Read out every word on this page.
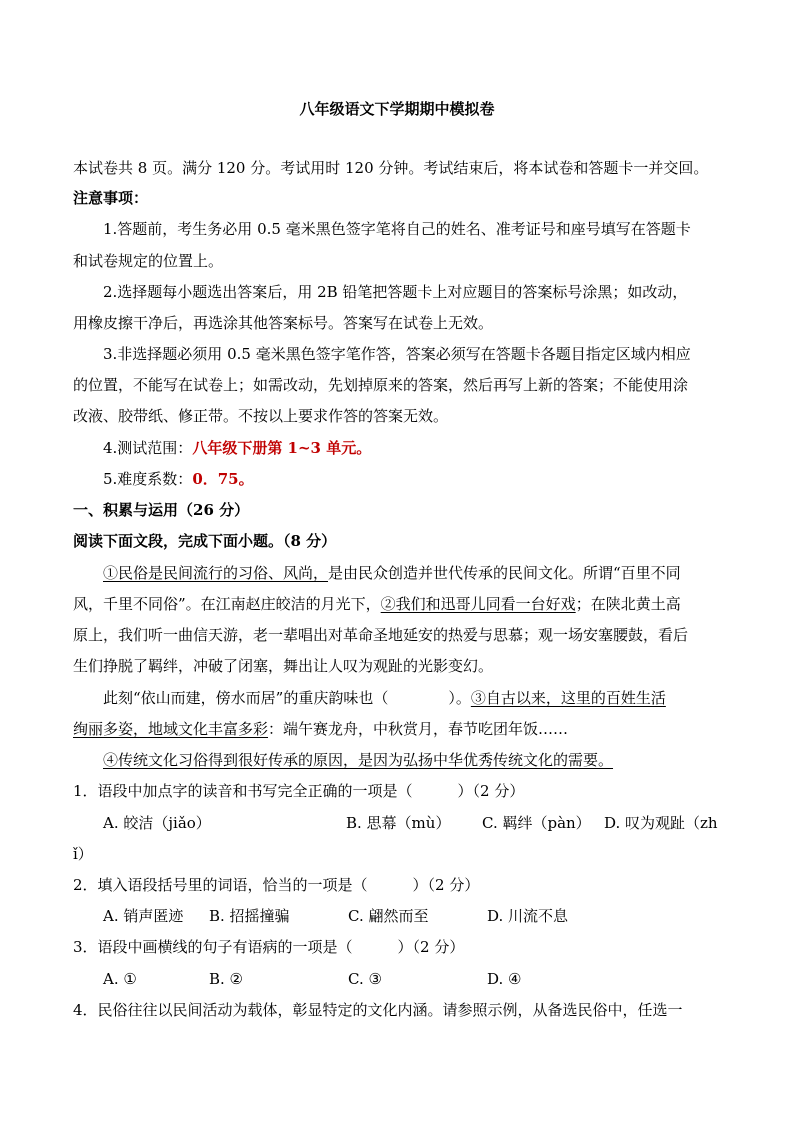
八年级语文下学期期中模拟卷
本试卷共 8 页。满分 120 分。考试用时 120 分钟。考试结束后，将本试卷和答题卡一并交回。
注意事项：
1.答题前，考生务必用 0.5 毫米黑色签字笔将自己的姓名、准考证号和座号填写在答题卡
和试卷规定的位置上。
2.选择题每小题选出答案后，用 2B 铅笔把答题卡上对应题目的答案标号涂黑；如改动，
用橡皮擦干净后，再选涂其他答案标号。答案写在试卷上无效。
3.非选择题必须用 0.5 毫米黑色签字笔作答，答案必须写在答题卡各题目指定区域内相应
的位置，不能写在试卷上；如需改动，先划掉原来的答案，然后再写上新的答案；不能使用涂
改液、胶带纸、修正带。不按以上要求作答的答案无效。
4.测试范围：八年级下册第 1~3 单元。
5.难度系数：0．75。
一、积累与运用（26 分）
阅读下面文段，完成下面小题。（8 分）
①民俗是民间流行的习俗、风尚，是由民众创造并世代传承的民间文化。所谓“百里不同
风，千里不同俗”。在江南赵庄皎洁的月光下，②我们和迅哥儿同看一台好戏；在陕北黄土高
原上，我们听一曲信天游，老一辈唱出对革命圣地延安的热爱与思慕；观一场安塞腰鼓，看后
生们挣脱了羁绊，冲破了闭塞，舞出让人叹为观趾的光影变幻。
此刻“依山而建，傍水而居”的重庆韵味也（　　　　）。③自古以来，这里的百姓生活
绚丽多姿，地域文化丰富多彩：端午赛龙舟，中秋赏月，春节吃团年饭……
④传统文化习俗得到很好传承的原因，是因为弘扬中华优秀传统文化的需要。
1．语段中加点字的读音和书写完全正确的一项是（　　　）（2 分）
A. 皎洁（jiǎo）	B. 思幕（mù） C. 羁绊（pàn） D. 叹为观趾（zh
ǐ）
2．填入语段括号里的词语，恰当的一项是（　　　）（2 分）
A. 销声匿迹 B. 招摇撞骗	C. 翩然而至	D. 川流不息
3．语段中画横线的句子有语病的一项是（　　　）（2 分）
A. ①	B. ②	C. ③	D. ④
4．民俗往往以民间活动为载体，彰显特定的文化内涵。请参照示例，从备选民俗中，任选一
